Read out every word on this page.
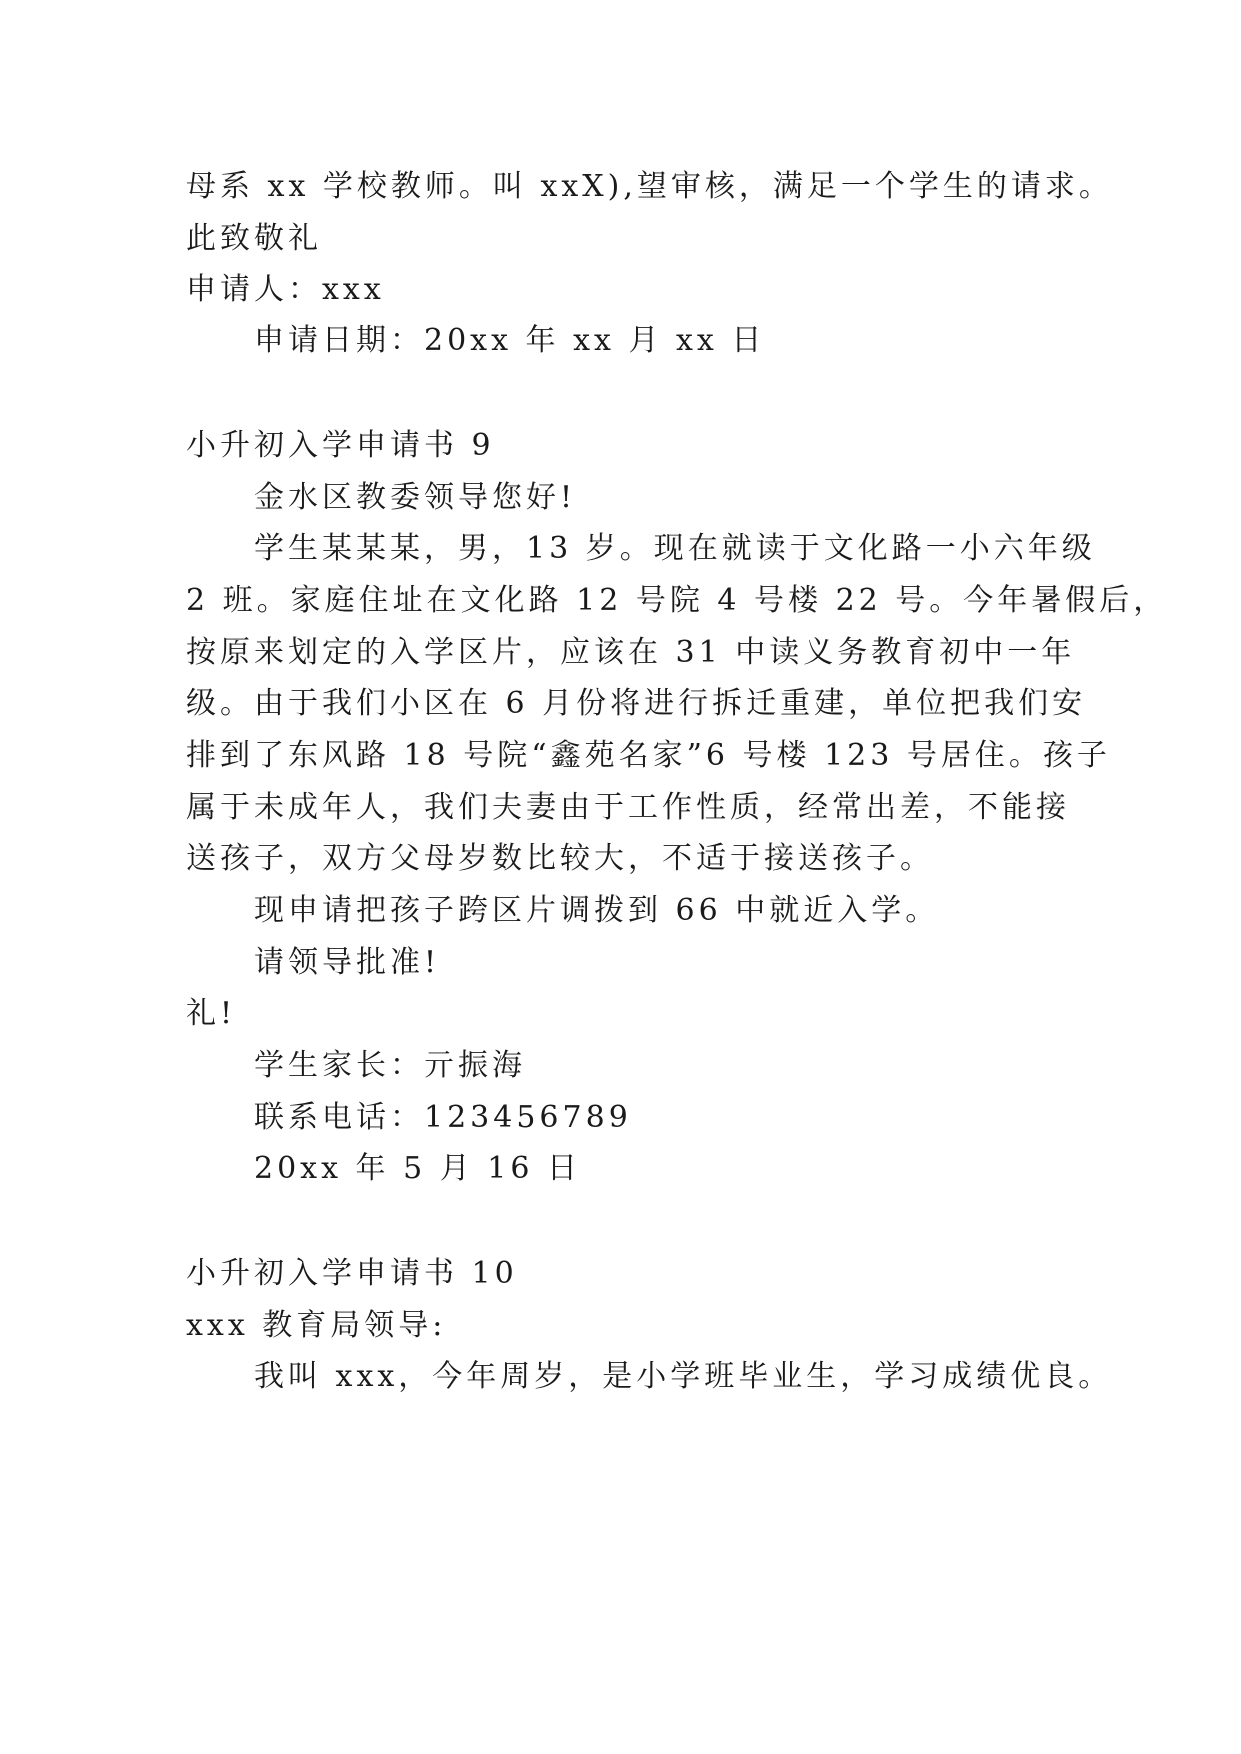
母系 xx 学校教师。叫 xxX),望审核，满足一个学生的请求。
此致敬礼
申请人：xxx
申请日期：20xx 年 xx 月 xx 日
小升初入学申请书 9
金水区教委领导您好!
学生某某某，男，13 岁。现在就读于文化路一小六年级
2 班。家庭住址在文化路 12 号院 4 号楼 22 号。今年暑假后，
按原来划定的入学区片，应该在 31 中读义务教育初中一年
级。由于我们小区在 6 月份将进行拆迁重建，单位把我们安
排到了东风路 18 号院“鑫苑名家”6 号楼 123 号居住。孩子
属于未成年人，我们夫妻由于工作性质，经常出差，不能接
送孩子，双方父母岁数比较大，不适于接送孩子。
现申请把孩子跨区片调拨到 66 中就近入学。
请领导批准!
礼!
学生家长：亓振海
联系电话：123456789
20xx 年 5 月 16 日
小升初入学申请书 10
xxx 教育局领导:
我叫 xxx，今年周岁，是小学班毕业生，学习成绩优良。
